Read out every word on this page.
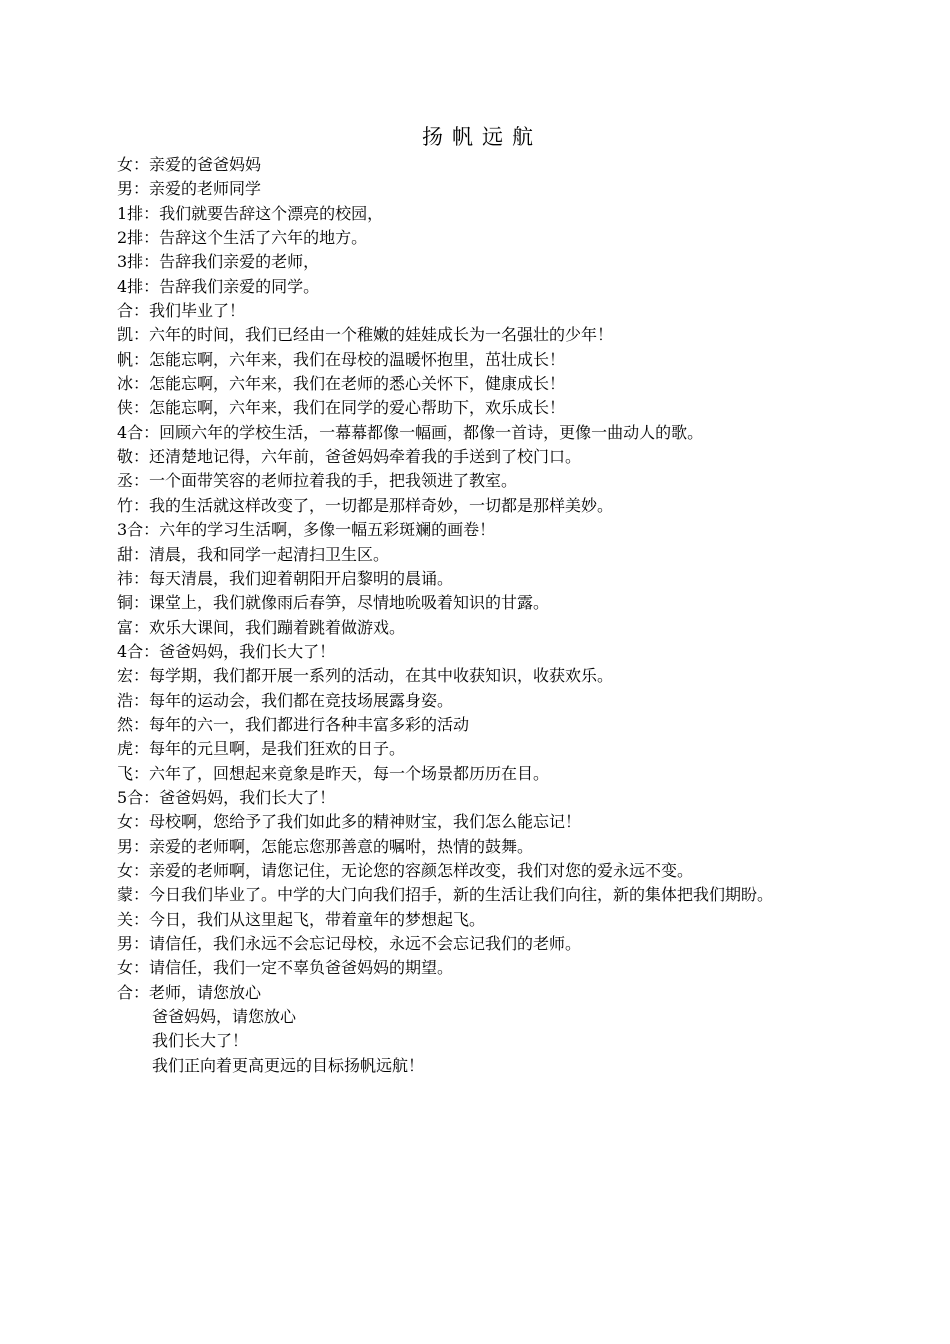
扬帆远航
女：亲爱的爸爸妈妈
男：亲爱的老师同学
1排：我们就要告辞这个漂亮的校园，
2排：告辞这个生活了六年的地方。
3排：告辞我们亲爱的老师，
4排：告辞我们亲爱的同学。
合：我们毕业了！
凯：六年的时间，我们已经由一个稚嫩的娃娃成长为一名强壮的少年！
帆：怎能忘啊，六年来，我们在母校的温暖怀抱里，茁壮成长！
冰：怎能忘啊，六年来，我们在老师的悉心关怀下，健康成长！
侠：怎能忘啊，六年来，我们在同学的爱心帮助下，欢乐成长！
4合：回顾六年的学校生活，一幕幕都像一幅画，都像一首诗，更像一曲动人的歌。
敬：还清楚地记得，六年前，爸爸妈妈牵着我的手送到了校门口。
丞：一个面带笑容的老师拉着我的手，把我领进了教室。
竹：我的生活就这样改变了，一切都是那样奇妙，一切都是那样美妙。
3合：六年的学习生活啊，多像一幅五彩斑斓的画卷！
甜：清晨，我和同学一起清扫卫生区。
祎：每天清晨，我们迎着朝阳开启黎明的晨诵。
铜：课堂上，我们就像雨后春笋，尽情地吮吸着知识的甘露。
富：欢乐大课间，我们蹦着跳着做游戏。
4合：爸爸妈妈，我们长大了！
宏：每学期，我们都开展一系列的活动，在其中收获知识，收获欢乐。
浩：每年的运动会，我们都在竞技场展露身姿。
然：每年的六一，我们都进行各种丰富多彩的活动
虎：每年的元旦啊，是我们狂欢的日子。
飞：六年了，回想起来竟象是昨天，每一个场景都历历在目。
5合：爸爸妈妈，我们长大了！
女：母校啊，您给予了我们如此多的精神财宝，我们怎么能忘记！
男：亲爱的老师啊，怎能忘您那善意的嘱咐，热情的鼓舞。
女：亲爱的老师啊，请您记住，无论您的容颜怎样改变，我们对您的爱永远不变。
蒙：今日我们毕业了。中学的大门向我们招手，新的生活让我们向往，新的集体把我们期盼。
关：今日，我们从这里起飞，带着童年的梦想起飞。
男：请信任，我们永远不会忘记母校，永远不会忘记我们的老师。
女：请信任，我们一定不辜负爸爸妈妈的期望。
合：老师，请您放心
爸爸妈妈，请您放心
我们长大了！
我们正向着更高更远的目标扬帆远航！
